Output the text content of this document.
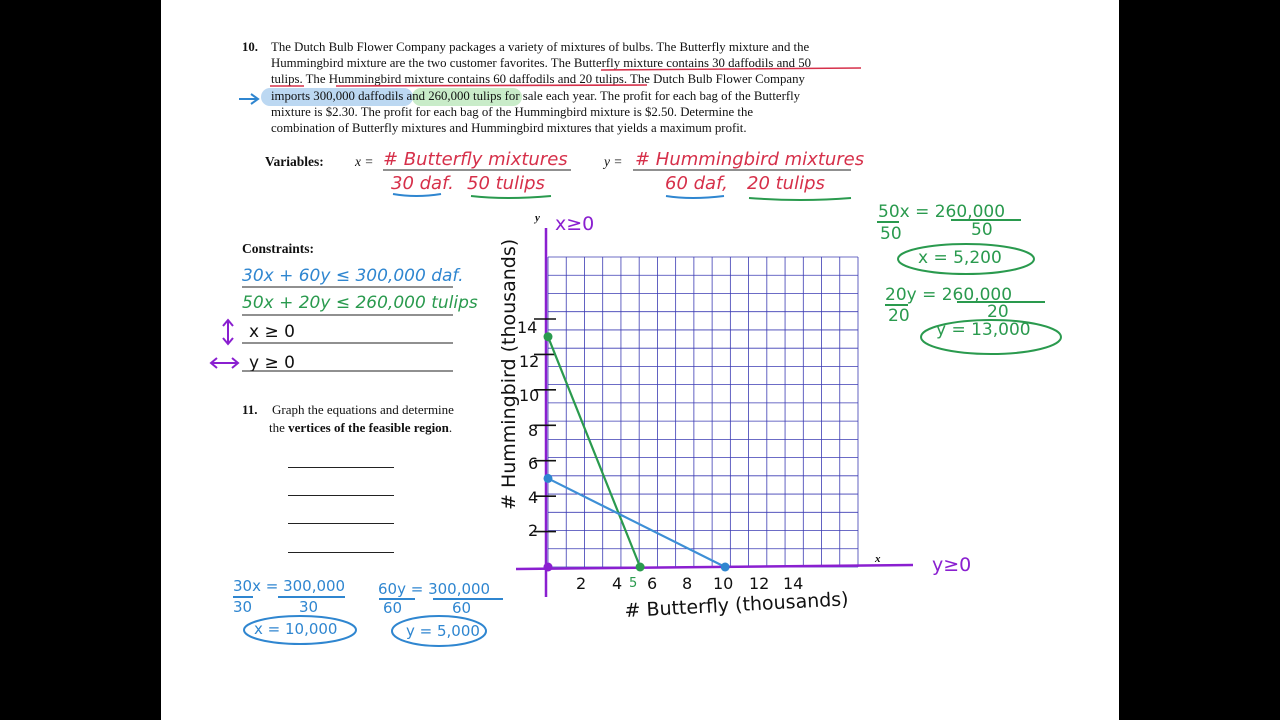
10. The Dutch Bulb Flower Company packages a variety of mixtures of bulbs. The Butterfly mixture and the
Hummingbird mixture are the two customer favorites. The Butterfly mixture contains 30 daffodils and 50
tulips. The Hummingbird mixture contains 60 daffodils and 20 tulips. The Dutch Bulb Flower Company
imports 300,000 daffodils and 260,000 tulips for sale each year. The profit for each bag of the Butterfly
mixture is $2.30. The profit for each bag of the Hummingbird mixture is $2.50. Determine the
combination of Butterfly mixtures and Hummingbird mixtures that yields a maximum profit.
Variables: x = # Butterfly mixtures
30 daf. 50 tulips
y = # Hummingbird mixtures
60 daf, 20 tulips
Constraints:
30x + 60y ≤ 300,000 daf.
50x + 20y ≤ 260,000 tulips
x ≥ 0
y ≥ 0
11. Graph the equations and determine
the vertices of the feasible region.
50x = 260,000
50	50
x = 5,200
20y = 260,000
20	20
y = 13,000
30x = 300,000
30	30
x = 10,000
60y = 300,000
60	60
y = 5,000
y
x
x≥0
y≥0
# Butterfly (thousands)
# Hummingbird (thousands)
2
4
6
8
10
12
14
2 4 5 6 8 10 12 14
